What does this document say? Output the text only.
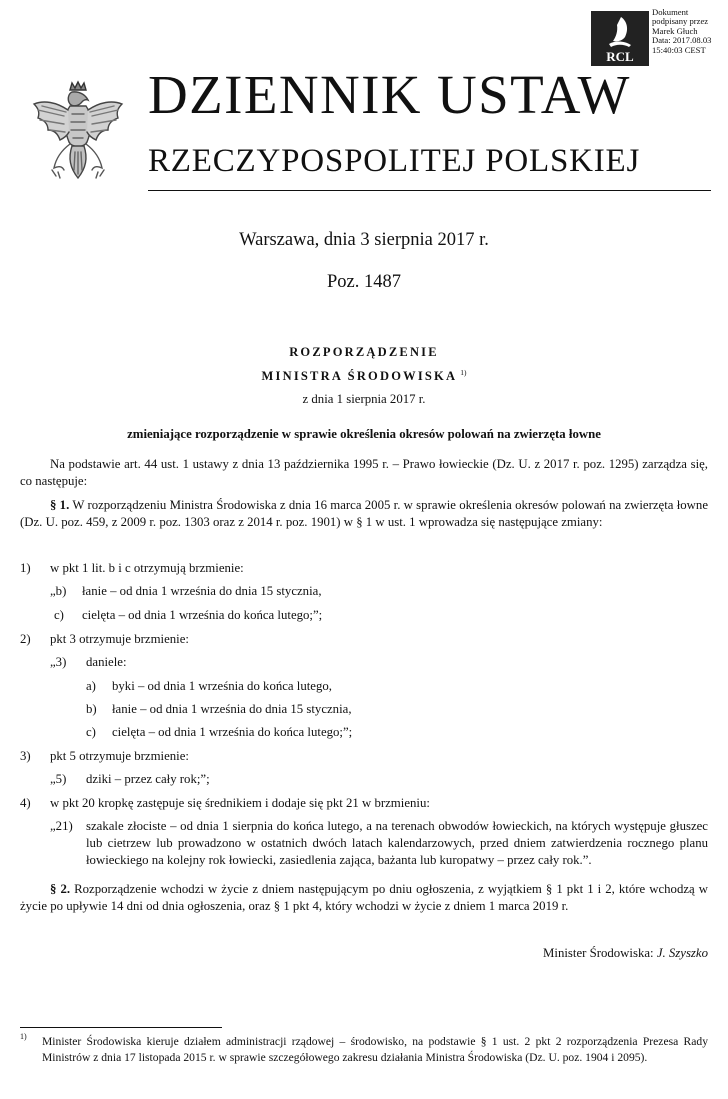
RCL
Dokument
podpisany przez
Marek Głuch
Data: 2017.08.03
15:40:03 CEST
DZIENNIK USTAW
RZECZYPOSPOLITEJ POLSKIEJ
Warszawa, dnia 3 sierpnia 2017 r.
Poz. 1487
ROZPORZĄDZENIE
MINISTRA ŚRODOWISKA $^{1)}$
z dnia 1 sierpnia 2017 r.
zmieniające rozporządzenie w sprawie określenia okresów polowań na zwierzęta łowne
Na podstawie art. 44 ust. 1 ustawy z dnia 13 października 1995 r. – Prawo łowieckie (Dz. U. z 2017 r. poz. 1295) zarządza się, co następuje:
§ 1. W rozporządzeniu Ministra Środowiska z dnia 16 marca 2005 r. w sprawie określenia okresów polowań na zwierzęta łowne (Dz. U. poz. 459, z 2009 r. poz. 1303 oraz z 2014 r. poz. 1901) w § 1 w ust. 1 wprowadza się następujące zmiany:
1) w pkt 1 lit. b i c otrzymują brzmienie:
„b) łanie – od dnia 1 września do dnia 15 stycznia,
c) cielęta – od dnia 1 września do końca lutego;”;
2) pkt 3 otrzymuje brzmienie:
„3) daniele:
a) byki – od dnia 1 września do końca lutego,
b) łanie – od dnia 1 września do dnia 15 stycznia,
c) cielęta – od dnia 1 września do końca lutego;”;
3) pkt 5 otrzymuje brzmienie:
„5) dziki – przez cały rok;”;
4) w pkt 20 kropkę zastępuje się średnikiem i dodaje się pkt 21 w brzmieniu:
„21) szakale złociste – od dnia 1 sierpnia do końca lutego, a na terenach obwodów łowieckich, na których występuje głuszec lub cietrzew lub prowadzono w ostatnich dwóch latach kalendarzowych, przed dniem zatwierdzenia rocznego planu łowieckiego na kolejny rok łowiecki, zasiedlenia zająca, bażanta lub kuropatwy – przez cały rok.”.
§ 2. Rozporządzenie wchodzi w życie z dniem następującym po dniu ogłoszenia, z wyjątkiem § 1 pkt 1 i 2, które wchodzą w życie po upływie 14 dni od dnia ogłoszenia, oraz § 1 pkt 4, który wchodzi w życie z dniem 1 marca 2019 r.
Minister Środowiska: J. Szyszko
1) Minister Środowiska kieruje działem administracji rządowej – środowisko, na podstawie § 1 ust. 2 pkt 2 rozporządzenia Prezesa Rady Ministrów z dnia 17 listopada 2015 r. w sprawie szczegółowego zakresu działania Ministra Środowiska (Dz. U. poz. 1904 i 2095).
